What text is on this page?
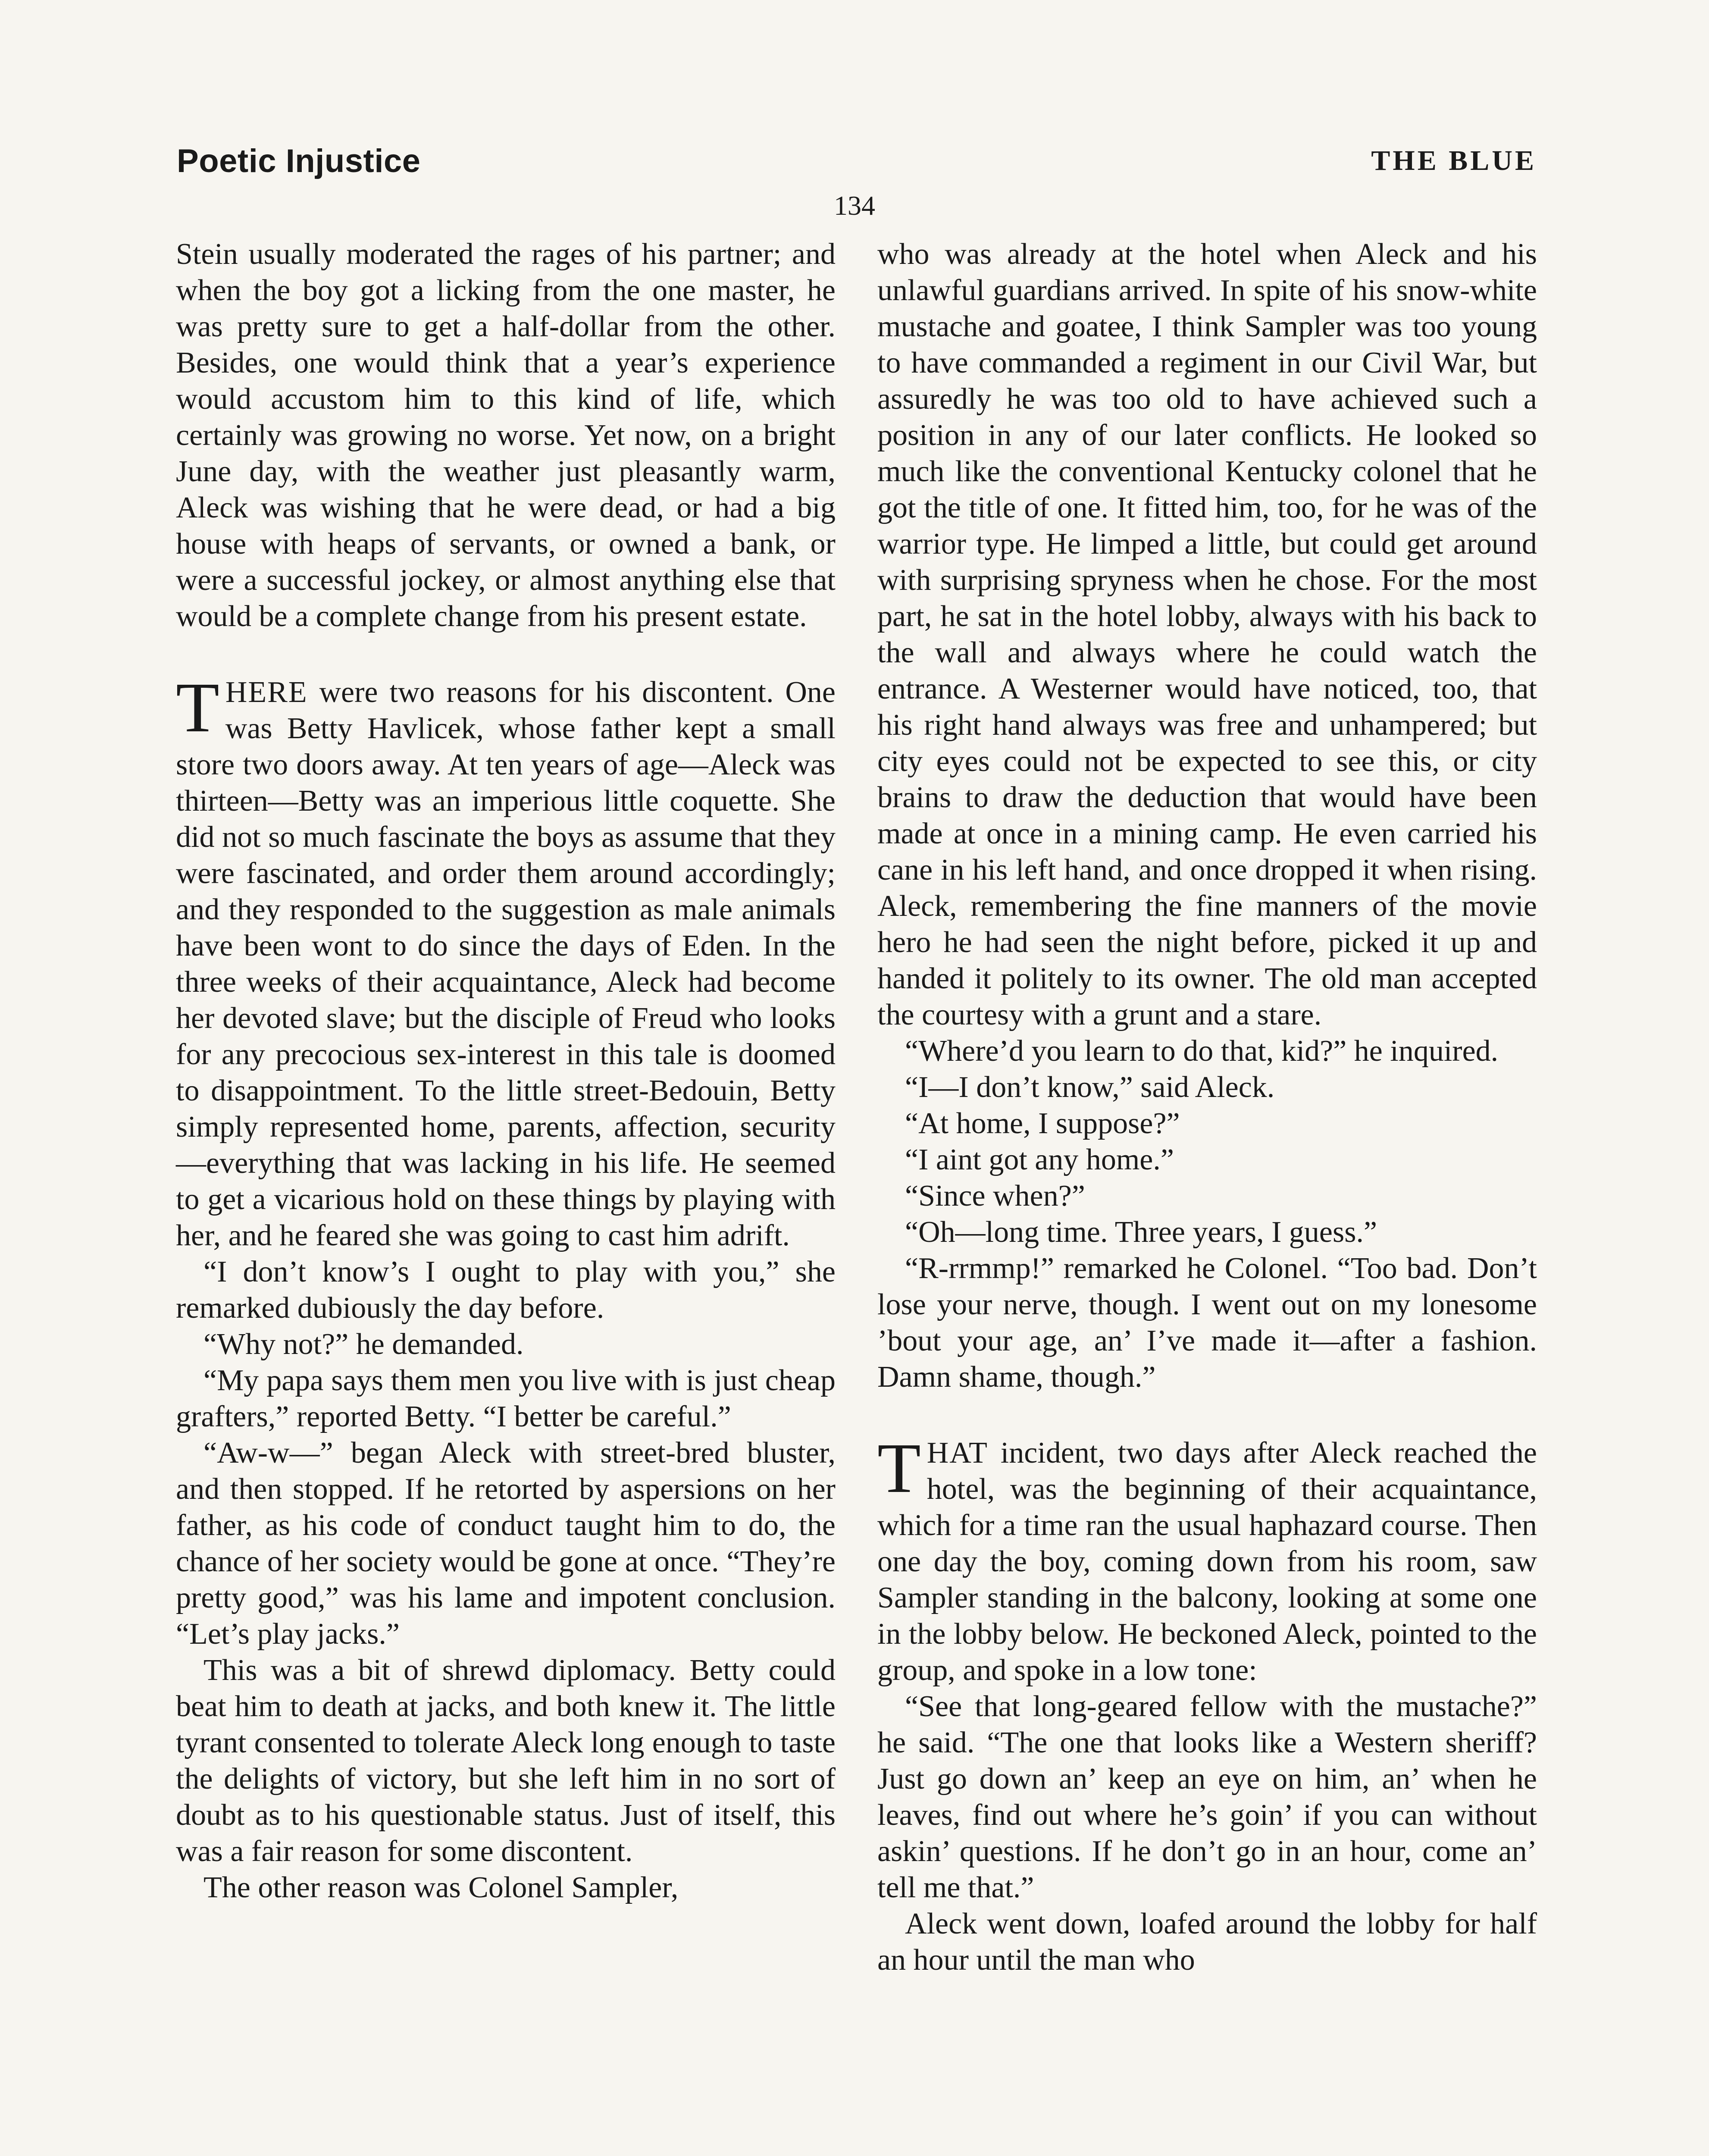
Poetic Injustice	THE BLUE
134

Stein usually moderated the rages of his partner; and when the boy got a licking from the one master, he was pretty sure to get a half-dollar from the other. Besides, one would think that a year’s experience would accustom him to this kind of life, which certainly was growing no worse. Yet now, on a bright June day, with the weather just pleasantly warm, Aleck was wishing that he were dead, or had a big house with heaps of servants, or owned a bank, or were a successful jockey, or almost anything else that would be a complete change from his present estate.

THERE were two reasons for his discontent. One was Betty Havlicek, whose father kept a small store two doors away. At ten years of age—Aleck was thirteen—Betty was an imperious little coquette. She did not so much fascinate the boys as assume that they were fascinated, and order them around accordingly; and they responded to the suggestion as male animals have been wont to do since the days of Eden. In the three weeks of their acquaintance, Aleck had become her devoted slave; but the disciple of Freud who looks for any precocious sex-interest in this tale is doomed to disappointment. To the little street-Bedouin, Betty simply represented home, parents, affection, security—everything that was lacking in his life. He seemed to get a vicarious hold on these things by playing with her, and he feared she was going to cast him adrift.

“I don’t know’s I ought to play with you,” she remarked dubiously the day before.

“Why not?” he demanded.

“My papa says them men you live with is just cheap grafters,” reported Betty. “I better be careful.”

“Aw-w—” began Aleck with street-bred bluster, and then stopped. If he retorted by aspersions on her father, as his code of conduct taught him to do, the chance of her society would be gone at once. “They’re pretty good,” was his lame and impotent conclusion. “Let’s play jacks.”

This was a bit of shrewd diplomacy. Betty could beat him to death at jacks, and both knew it. The little tyrant consented to tolerate Aleck long enough to taste the delights of victory, but she left him in no sort of doubt as to his questionable status. Just of itself, this was a fair reason for some discontent.

The other reason was Colonel Sampler,

who was already at the hotel when Aleck and his unlawful guardians arrived. In spite of his snow-white mustache and goatee, I think Sampler was too young to have commanded a regiment in our Civil War, but assuredly he was too old to have achieved such a position in any of our later conflicts. He looked so much like the conventional Kentucky colonel that he got the title of one. It fitted him, too, for he was of the warrior type. He limped a little, but could get around with surprising spryness when he chose. For the most part, he sat in the hotel lobby, always with his back to the wall and always where he could watch the entrance. A Westerner would have noticed, too, that his right hand always was free and unhampered; but city eyes could not be expected to see this, or city brains to draw the deduction that would have been made at once in a mining camp. He even carried his cane in his left hand, and once dropped it when rising. Aleck, remembering the fine manners of the movie hero he had seen the night before, picked it up and handed it politely to its owner. The old man accepted the courtesy with a grunt and a stare.

“Where’d you learn to do that, kid?” he inquired.

“I—I don’t know,” said Aleck.

“At home, I suppose?”

“I aint got any home.”

“Since when?”

“Oh—long time. Three years, I guess.”

“R-rrmmp!” remarked he Colonel. “Too bad. Don’t lose your nerve, though. I went out on my lonesome ’bout your age, an’ I’ve made it—after a fashion. Damn shame, though.”

THAT incident, two days after Aleck reached the hotel, was the beginning of their acquaintance, which for a time ran the usual haphazard course. Then one day the boy, coming down from his room, saw Sampler standing in the balcony, looking at some one in the lobby below. He beckoned Aleck, pointed to the group, and spoke in a low tone:

“See that long-geared fellow with the mustache?” he said. “The one that looks like a Western sheriff? Just go down an’ keep an eye on him, an’ when he leaves, find out where he’s goin’ if you can without askin’ questions. If he don’t go in an hour, come an’ tell me that.”

Aleck went down, loafed around the lobby for half an hour until the man who
